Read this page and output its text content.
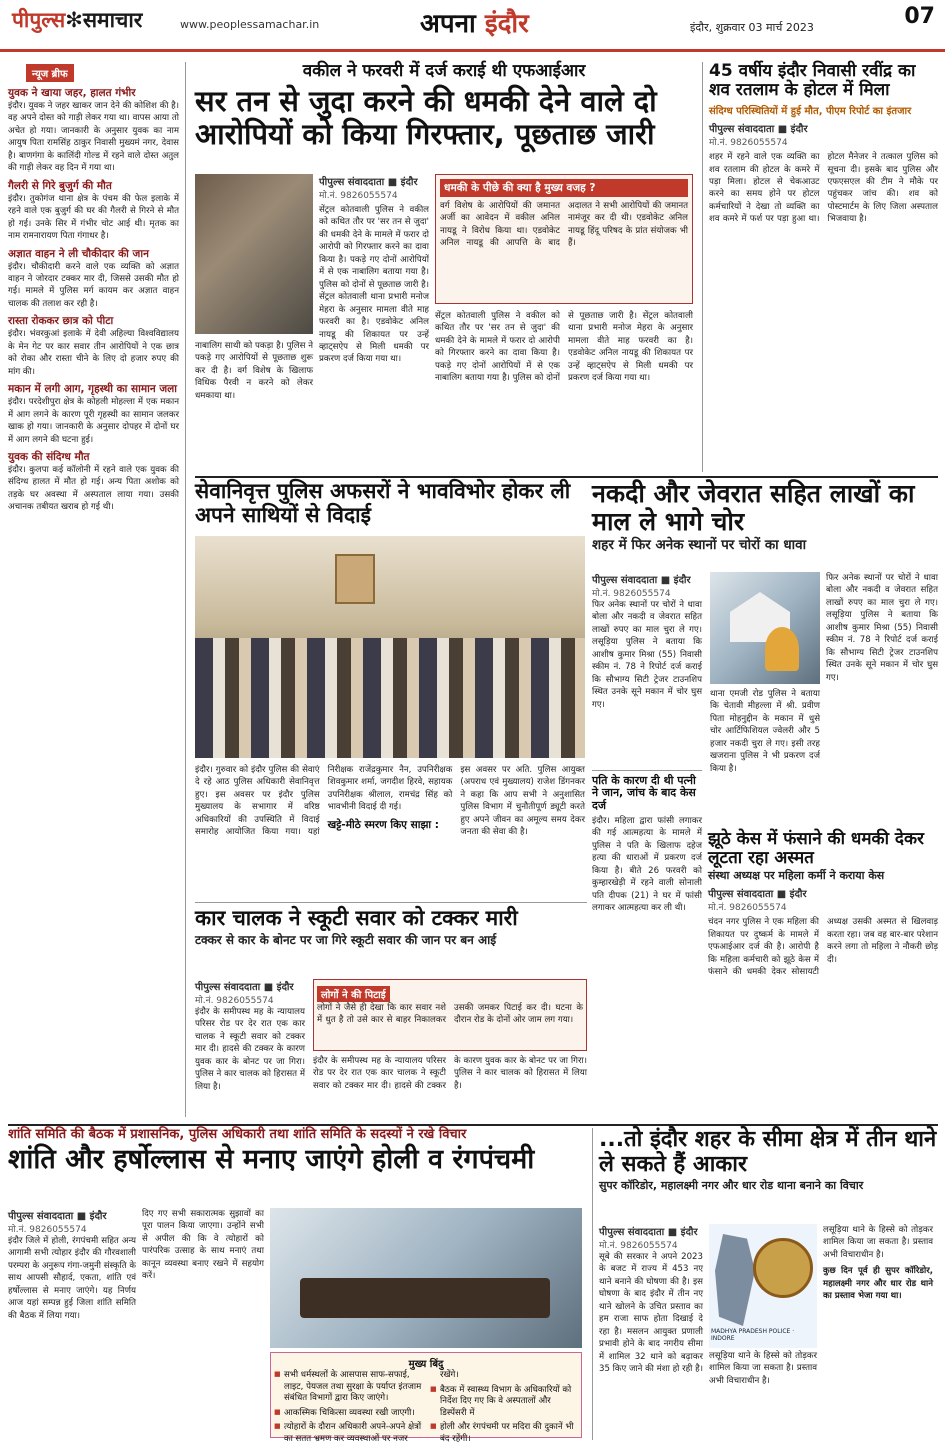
पीपुल्स✻समाचार	www.peoplessamachar.in	अपना इंदौर	इंदौर, शुक्रवार 03 मार्च 2023	07
न्यूज ब्रीफ
युवक ने खाया जहर, हालत गंभीर
इंदौर। युवक ने जहर खाकर जान देने की कोशिश की है। वह अपने दोस्त को गाड़ी लेकर गया था। वापस आया तो अचेत हो गया। जानकारी के अनुसार युवक का नाम आयुष पिता रामसिंह ठाकुर निवासी मुख्यमं नगर, देवास है। बाणगंगा के कालिंदी गोल्ड में रहने वाले दोस्त अतुल की गाड़ी लेकर वह दिन में गया था।
गैलरी से गिरे बुजुर्ग की मौत
इंदौर। तुकोगंज थाना क्षेत्र के पंचम की फेल इलाके में रहने वाले एक बुजुर्ग की घर की गैलरी से गिरने से मौत हो गई। उनके सिर में गंभीर चोट आई थी। मृतक का नाम रामनारायण पिता गंगाधर है।
अज्ञात वाहन ने ली चौकीदार की जान
इंदौर। चौकीदारी करने वाले एक व्यक्ति को अज्ञात वाहन ने जोरदार टक्कर मार दी, जिससे उसकी मौत हो गई। मामले में पुलिस मर्ग कायम कर अज्ञात वाहन चालक की तलाश कर रही है।
रास्ता रोककर छात्र को पीटा
इंदौर। भंवरकुआं इलाके में देवी अहिल्या विश्वविद्यालय के मेन गेट पर कार सवार तीन आरोपियों ने एक छात्र को रोका और रास्ता चीने के लिए दो हजार रुपए की मांग की।
मकान में लगी आग, गृहस्थी का सामान जला
इंदौर। परदेशीपुरा क्षेत्र के कोहली मोहल्ला में एक मकान में आग लगने के कारण पूरी गृहस्थी का सामान जलकर खाक हो गया। जानकारी के अनुसार दोपहर में दोनों घर में आग लगने की घटना हुई।
युवक की संदिग्ध मौत
इंदौर। कुलपा कई कॉलोनी में रहने वाले एक युवक की संदिग्ध हालत में मौत हो गई। अन्य पिता अशोक को तड़के घर अवस्था में अस्पताल लाया गया। उसकी अचानक तबीयत खराब हो गई थी।
वकील ने फरवरी में दर्ज कराई थी एफआईआर
सर तन से जुदा करने की धमकी देने वाले दो आरोपियों को किया गिरफ्तार, पूछताछ जारी
नाबालिग साथी को पकड़ा है। पुलिस ने पकड़े गए आरोपियों से पूछताछ शुरू कर दी है। वर्ग विशेष के खिलाफ विधिक पैरवी न करने को लेकर धमकाया था।
पीपुल्स संवाददाता ■ इंदौर
मो.नं. 9826055574
सेंट्रल कोतवाली पुलिस ने वकील को कथित तौर पर 'सर तन से जुदा' की धमकी देने के मामले में फरार दो आरोपी को गिरफ्तार करने का दावा किया है। पकड़े गए दोनों आरोपियों में से एक नाबालिग बताया गया है। पुलिस को दोनों से पूछताछ जारी है। सेंट्रल कोतवाली थाना प्रभारी मनोज मेहरा के अनुसार मामला वीते माह फरवरी का है। एडवोकेट अनिल नायडू की शिकायत पर उन्हें व्हाट्सऐप से मिली धमकी पर प्रकरण दर्ज किया गया था।
धमकी के पीछे की क्या है मुख्य वजह ?
वर्ग विशेष के आरोपियों की जमानत अर्जी का आवेदन में वकील अनिल नायडू ने विरोध किया था। एडवोकेट अनिल नायडू की आपत्ति के बाद अदालत ने सभी आरोपियों की जमानत नामंजूर कर दी थी। एडवोकेट अनिल नायडू हिंदू परिषद के प्रांत संयोजक भी हैं।
सेंट्रल कोतवाली पुलिस ने वकील को कथित तौर पर 'सर तन से जुदा' की धमकी देने के मामले में फरार दो आरोपी को गिरफ्तार करने का दावा किया है। पकड़े गए दोनों आरोपियों में से एक नाबालिग बताया गया है। पुलिस को दोनों से पूछताछ जारी है। सेंट्रल कोतवाली थाना प्रभारी मनोज मेहरा के अनुसार मामला वीते माह फरवरी का है। एडवोकेट अनिल नायडू की शिकायत पर उन्हें व्हाट्सऐप से मिली धमकी पर प्रकरण दर्ज किया गया था।
45 वर्षीय इंदौर निवासी रवींद्र का शव रतलाम के होटल में मिला
संदिग्ध परिस्थितियों में हुई मौत, पीएम रिपोर्ट का इंतजार
पीपुल्स संवाददाता ■ इंदौर
मो.नं. 9826055574
शहर में रहने वाले एक व्यक्ति का शव रतलाम की होटल के कमरे में पड़ा मिला। होटल से चेकआउट करने का समय होने पर होटल कर्मचारियों ने देखा तो व्यक्ति का शव कमरे में फर्श पर पड़ा हुआ था। होटल मैनेजर ने तत्काल पुलिस को सूचना दी। इसके बाद पुलिस और एफएसएल की टीम ने मौके पर पहुंचकर जांच की। शव को पोस्टमार्टम के लिए जिला अस्पताल भिजवाया है।
सेवानिवृत्त पुलिस अफसरों ने भावविभोर होकर ली अपने साथियों से विदाई
इंदौर। गुरुवार को इंदौर पुलिस की सेवाएं दे रहे आठ पुलिस अधिकारी सेवानिवृत्त हुए। इस अवसर पर इंदौर पुलिस मुख्यालय के सभागार में वरिष्ठ अधिकारियों की उपस्थिति में विदाई समारोह आयोजित किया गया। यहां निरीक्षक राजेंद्रकुमार नैन, उपनिरीक्षक शिवकुमार शर्मा, जगदीश हिरवे, सहायक उपनिरीक्षक श्रीलाल, रामचंद्र सिंह को भावभीनी विदाई दी गई।
खट्टे-मीठे स्मरण किए साझा :
इस अवसर पर अति. पुलिस आयुक्त (अपराध एवं मुख्यालय) राजेश डिंगनकर ने कहा कि आप सभी ने अनुशासित पुलिस विभाग में चुनौतीपूर्ण ड्यूटी करते हुए अपने जीवन का अमूल्य समय देकर जनता की सेवा की है।
नकदी और जेवरात सहित लाखों का माल ले भागे चोर
शहर में फिर अनेक स्थानों पर चोरों का धावा
पीपुल्स संवाददाता ■ इंदौर
मो.नं. 9826055574
फिर अनेक स्थानों पर चोरों ने धावा बोला और नकदी व जेवरात सहित लाखों रुपए का माल चुरा ले गए। लसूड़िया पुलिस ने बताया कि आशीष कुमार मिश्रा (55) निवासी स्कीम नं. 78 ने रिपोर्ट दर्ज कराई कि सौभाग्य सिटी ट्रेजर टाउनशिप स्थित उनके सूने मकान में चोर घुस गए।
थाना एमजी रोड पुलिस ने बताया कि चेतावी मीहल्ला में श्री. प्रवीण पिता मोहनुद्दीन के मकान में धुसे चोर आर्टिफिशियल ज्वेलरी और 5 हजार नकदी चुरा ले गए। इसी तरह खजराना पुलिस ने भी प्रकरण दर्ज किया है।
फिर अनेक स्थानों पर चोरों ने धावा बोला और नकदी व जेवरात सहित लाखों रुपए का माल चुरा ले गए। लसूड़िया पुलिस ने बताया कि आशीष कुमार मिश्रा (55) निवासी स्कीम नं. 78 ने रिपोर्ट दर्ज कराई कि सौभाग्य सिटी ट्रेजर टाउनशिप स्थित उनके सूने मकान में चोर घुस गए।
पति के कारण दी थी पत्नी ने जान, जांच के बाद केस दर्ज
इंदौर। महिला द्वारा फांसी लगाकर की गई आत्महत्या के मामले में पुलिस ने पति के खिलाफ दहेज हत्या की धाराओं में प्रकरण दर्ज किया है। बीते 26 फरवरी को कुम्हारखेड़ी में रहने वाली सोनाली पति दीपक (21) ने घर में फांसी लगाकर आत्महत्या कर ली थी।
झूठे केस में फंसाने की धमकी देकर लूटता रहा अस्मत
संस्था अध्यक्ष पर महिला कर्मी ने कराया केस
पीपुल्स संवाददाता ■ इंदौर
मो.नं. 9826055574
चंदन नगर पुलिस ने एक महिला की शिकायत पर दुष्कर्म के मामले में एफआईआर दर्ज की है। आरोपी है कि महिला कर्मचारी को झूठे केस में फंसाने की धमकी देकर सोसायटी अध्यक्ष उसकी अस्मत से खिलवाड़ करता रहा। जब वह बार-बार परेशान करने लगा तो महिला ने नौकरी छोड़ दी।
कार चालक ने स्कूटी सवार को टक्कर मारी
टक्कर से कार के बोनट पर जा गिरे स्कूटी सवार की जान पर बन आई
पीपुल्स संवाददाता ■ इंदौर
मो.नं. 9826055574
इंदौर के समीपस्थ मह के न्यायालय परिसर रोड पर देर रात एक कार चालक ने स्कूटी सवार को टक्कर मार दी। हादसे की टक्कर के कारण युवक कार के बोनट पर जा गिरा। पुलिस ने कार चालक को हिरासत में लिया है।
लोगों ने की पिटाई
लोगों ने जैसे ही देखा कि कार सवार नशे में धुत है तो उसे कार से बाहर निकालकर उसकी जमकर पिटाई कर दी। घटना के दौरान रोड के दोनों ओर जाम लग गया।
इंदौर के समीपस्थ मह के न्यायालय परिसर रोड पर देर रात एक कार चालक ने स्कूटी सवार को टक्कर मार दी। हादसे की टक्कर के कारण युवक कार के बोनट पर जा गिरा। पुलिस ने कार चालक को हिरासत में लिया है।
शांति समिति की बैठक में प्रशासनिक, पुलिस अधिकारी तथा शांति समिति के सदस्यों ने रखे विचार
शांति और हर्षोल्लास से मनाए जाएंगे होली व रंगपंचमी
पीपुल्स संवाददाता ■ इंदौर
मो.नं. 9826055574
इंदौर जिले में होली, रंगपंचमी सहित अन्य आगामी सभी त्योहार इंदौर की गौरवशाली परम्परा के अनुरूप गंगा-जमुनी संस्कृति के साथ आपसी सौहार्द, एकता, शांति एवं हर्षोल्लास से मनाए जाएंगे। यह निर्णय आज यहां सम्पन्न हुई जिला शांति समिति की बैठक में लिया गया।
दिए गए सभी सकारात्मक सुझावों का पूरा पालन किया जाएगा। उन्होंने सभी से अपील की कि वे त्योहारों को पारंपरिक उत्साह के साथ मनाएं तथा कानून व्यवस्था बनाए रखने में सहयोग करें।
मुख्य बिंदु
■ सभी धर्मस्थलों के आसपास साफ-सफाई, लाइट, पेयजल तथा सुरक्षा के पर्याप्त इंतजाम संबंधित विभागों द्वारा किए जाएंगे।
■ आकस्मिक चिकित्सा व्यवस्था रखी जाएगी।
■ त्योहारों के दौरान अधिकारी अपने-अपने क्षेत्रों का सतत भ्रमण कर व्यवस्थाओं पर नजर रखेंगे।
■ बैठक में स्वास्थ्य विभाग के अधिकारियों को निर्देश दिए गए कि वे अस्पतालों और डिस्पेंसरी में
■ होली और रंगपंचमी पर मदिरा की दुकानें भी बंद रहेंगी।
...तो इंदौर शहर के सीमा क्षेत्र में तीन थाने ले सकते हैं आकार
सुपर कॉरिडोर, महालक्ष्मी नगर और धार रोड थाना बनाने का विचार
पीपुल्स संवाददाता ■ इंदौर
मो.नं. 9826055574
सूबे की सरकार ने अपने 2023 के बजट में राज्य में 453 नए थाने बनाने की घोषणा की है। इस घोषणा के बाद इंदौर में तीन नए थाने खोलने के उचित प्रस्ताव का हम राजा साफ होता दिखाई दे रहा है। मसलन आयुक्त प्रणाली प्रभावी होने के बाद नगरीय सीमा में शामिल 32 थाने को बढ़ाकर 35 किए जाने की मंशा हो रही है।
MADHYA PRADESH POLICE · INDORE
लसूड़िया थाने के हिस्से को तोड़कर शामिल किया जा सकता है। प्रस्ताव अभी विचाराधीन है।
लसूड़िया थाने के हिस्से को तोड़कर शामिल किया जा सकता है। प्रस्ताव अभी विचाराधीन है।
कुछ दिन पूर्व ही सुपर कॉरिडोर, महालक्ष्मी नगर और धार रोड थाने का प्रस्ताव भेजा गया था।
